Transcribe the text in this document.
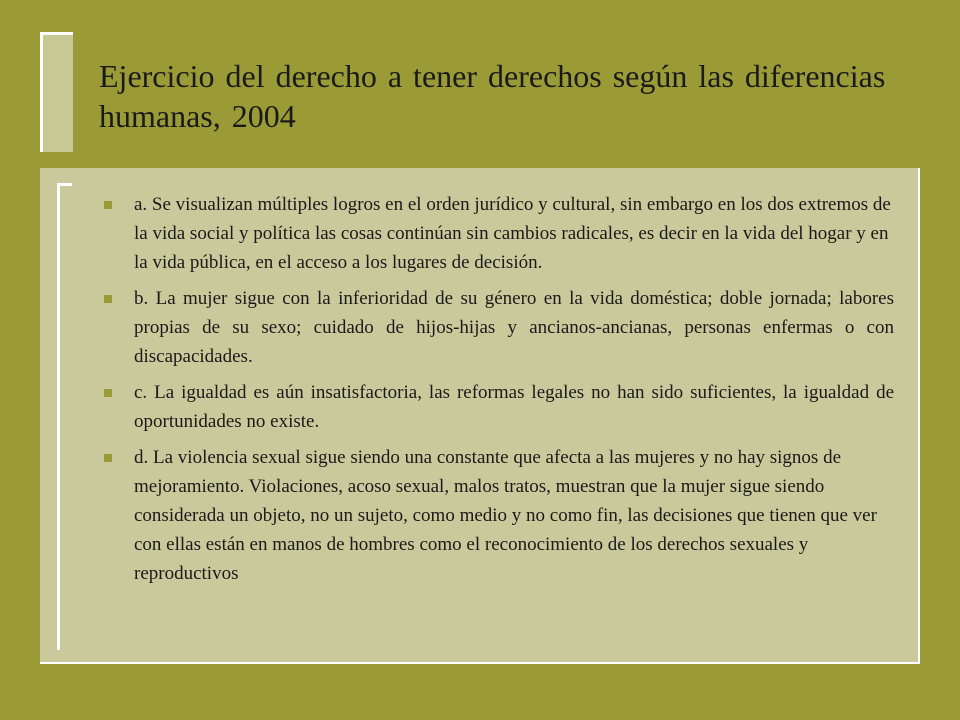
Ejercicio del derecho a tener derechos según las diferencias humanas, 2004
a. Se visualizan múltiples logros en el orden jurídico y cultural, sin embargo en los dos extremos de la vida social y política las cosas continúan sin cambios radicales, es decir en la vida del hogar y en la vida pública, en el acceso a los lugares de decisión.
b. La mujer sigue con la inferioridad de su género en la vida doméstica; doble jornada; labores propias de su sexo; cuidado de hijos-hijas y ancianos-ancianas, personas enfermas o con discapacidades.
c. La igualdad es aún insatisfactoria, las reformas legales no han sido suficientes, la igualdad de oportunidades no existe.
d. La violencia sexual sigue siendo una constante que afecta a las mujeres y no hay signos de mejoramiento. Violaciones, acoso sexual, malos tratos, muestran que la mujer sigue siendo considerada un objeto, no un sujeto, como medio y no como fin, las decisiones que tienen que ver con ellas están en manos de hombres como el reconocimiento de los derechos sexuales y reproductivos
